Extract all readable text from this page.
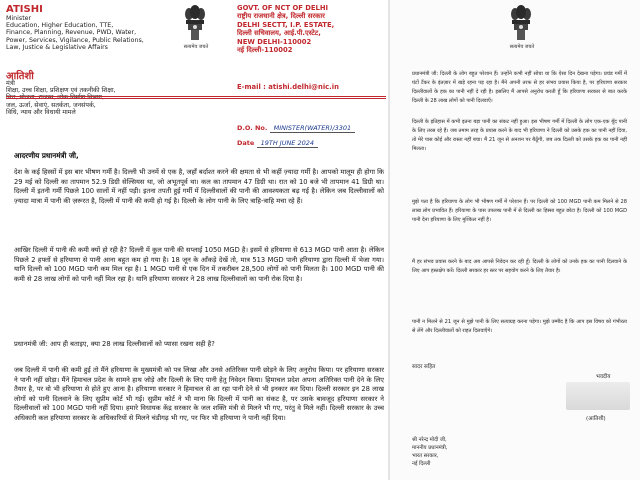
ATISHI
Minister
Education, Higher Education, TTE,
Finance, Planning, Revenue, PWD, Water,
Power, Services, Vigilance, Public Relations,
Law, Justice & Legislative Affairs
आतिशी
मंत्री
शिक्षा, उच्च शिक्षा, प्रशिक्षण एवं तकनीकी शिक्षा,
जल, ऊर्जा, सेवाएं, सतर्कता, जनसंपर्क,
विधि, न्याय और विधायी मामले
सत्यमेव जयते
GOVT. OF NCT OF DELHI
राष्ट्रीय राजधानी क्षेत्र, दिल्ली सरकार
DELHI SECTT, I.P. ESTATE,
दिल्ली सचिवालय, आई.पी.एस्टेट,
NEW DELHI-110002
नई दिल्ली-110002
E-mail : atishi.delhi@nic.in
D.O. No. MINISTER(WATER)/3301
Date 19TH JUNE 2024
आदरणीय प्रधानमंत्री जी,
देश के कई हिस्सों में इस बार भीषण गर्मी है। दिल्ली भी उनमें से एक है, जहाँ बर्दाश्त करने की क्षमता से भी कहीं ज़्यादा गर्मी है। आपको मालूम ही होगा कि 29 मई को दिल्ली का तापमान 52.9 डिग्री सेल्सियस था, जो अभूतपूर्व था। कल का तापमान 47 डिग्री था। रात को 10 बजे भी तापमान 41 डिग्री था। दिल्ली में इतनी गर्मी पिछले 100 सालों में नहीं पड़ी। इतना तपती हुई गर्मी में दिल्लीवालों की पानी की आवश्यकता बढ़ गई है। लेकिन जब दिल्लीवालों को ज़्यादा मात्रा में पानी की ज़रूरत है, दिल्ली में पानी की कमी हो गई है। दिल्ली के लोग पानी के लिए त्राहि-त्राहि मचा रहे हैं।
आखिर दिल्ली में पानी की कमी क्यों हो रही है? दिल्ली में कुल पानी की सप्लाई 1050 MGD है। इसमें से हरियाणा से 613 MGD पानी आता है। लेकिन पिछले 2 हफ्तों से हरियाणा से पानी आना बहुत कम हो गया है। 18 जून के आँकड़े देखें तो, मात्र 513 MGD पानी हरियाणा द्वारा दिल्ली में भेजा गया। यानि दिल्ली को 100 MGD पानी कम मिल रहा है। 1 MGD पानी से एक दिन में तकरीबन 28,500 लोगों को पानी मिलता है। 100 MGD पानी की कमी से 28 लाख लोगों को पानी नहीं मिल रहा है। यानि हरियाणा सरकार ने 28 लाख दिल्लीवालों का पानी रोक दिया है।
प्रधानमंत्री जी: आप ही बताइए, क्या 28 लाख दिल्लीवालों को प्यासा रखना सही है?
जब दिल्ली में पानी की कमी हुई तो मैंने हरियाणा के मुख्यमंत्री को पत्र लिखा और उनसे अतिरिक्त पानी छोड़ने के लिए अनुरोध किया। पर हरियाणा सरकार ने पानी नहीं छोड़ा। मैंने हिमाचल प्रदेश के सामने हाथ जोड़े और दिल्ली के लिए पानी हेतु निवेदन किया। हिमाचल प्रदेश अपना अतिरिक्त पानी देने के लिए तैयार है, पर वो भी हरियाणा से होते हुए आना है। हरियाणा सरकार ने हिमाचल से आ रहा पानी देने से भी इनकार कर दिया। दिल्ली सरकार इन 28 लाख लोगों को पानी दिलवाने के लिए सुप्रीम कोर्ट भी गई। सुप्रीम कोर्ट ने भी माना कि दिल्ली में पानी का संकट है, पर उसके बावजूद हरियाणा सरकार ने दिल्लीवालों को 100 MGD पानी नहीं दिया। हमारे विधायक केंद्र सरकार के जल शक्ति मंत्री से मिलने भी गए, परंतु वे मिले नहीं। दिल्ली सरकार के उच्च अधिकारी कल हरियाणा सरकार के अधिकारियों से मिलने चंडीगढ़ भी गए, पर फिर भी हरियाणा ने पानी नहीं दिया।
प्रधानमंत्री जी: दिल्ली के लोग बहुत परेशान हैं। उन्होंने कभी नहीं सोचा था कि ऐसा दिन देखना पड़ेगा। प्रचंड गर्मी में घंटों टैंकर के इंतज़ार में खड़े रहना पड़ रहा है। मैंने अपनी तरफ से हर संभव प्रयास किया है, पर हरियाणा सरकार दिल्लीवालों के हक का पानी नहीं दे रही है। इसलिए मैं आपसे अनुरोध करती हूँ कि हरियाणा सरकार से बात करके दिल्ली के 28 लाख लोगों को पानी दिलवाएँ।
दिल्ली के इतिहास में कभी इतना बड़ा पानी का संकट नहीं हुआ। इस भीषण गर्मी में दिल्ली के लोग एक-एक बूँद पानी के लिए तरस रहे हैं। जब तमाम तरह के प्रयास करने के बाद भी हरियाणा ने दिल्ली को उसके हक का पानी नहीं दिया, तो मेरे पास कोई और रास्ता नहीं बचा। मैं 21 जून से अनशन पर बैठूँगी, जब तक दिल्ली को उसके हक का पानी नहीं मिलता।
मुझे पता है कि हरियाणा के लोग भी भीषण गर्मी में परेशान हैं। पर दिल्ली को 100 MGD पानी कम मिलने से 28 लाख लोग प्रभावित हैं। हरियाणा के पास उपलब्ध पानी में से दिल्ली का हिस्सा बहुत छोटा है। दिल्ली को 100 MGD पानी देना हरियाणा के लिए मुश्किल नहीं है।
मैं हर संभव प्रयास करने के बाद अब आपसे निवेदन कर रही हूँ। दिल्ली के लोगों को उनके हक का पानी दिलवाने के लिए आप हस्तक्षेप करें। दिल्ली सरकार हर स्तर पर सहयोग करने के लिए तैयार है।
पानी न मिलने से 21 जून से मुझे पानी के लिए सत्याग्रह करना पड़ेगा। मुझे उम्मीद है कि आप इस विषय को गंभीरता से लेंगे और दिल्लीवालों को राहत दिलवाएँगे।
सादर सहित
श्री नरेन्द्र मोदी जी,
माननीय प्रधानमंत्री,
भारत सरकार,
नई दिल्ली
सत्यमेव जयते
भवदीय
(आतिशी)
